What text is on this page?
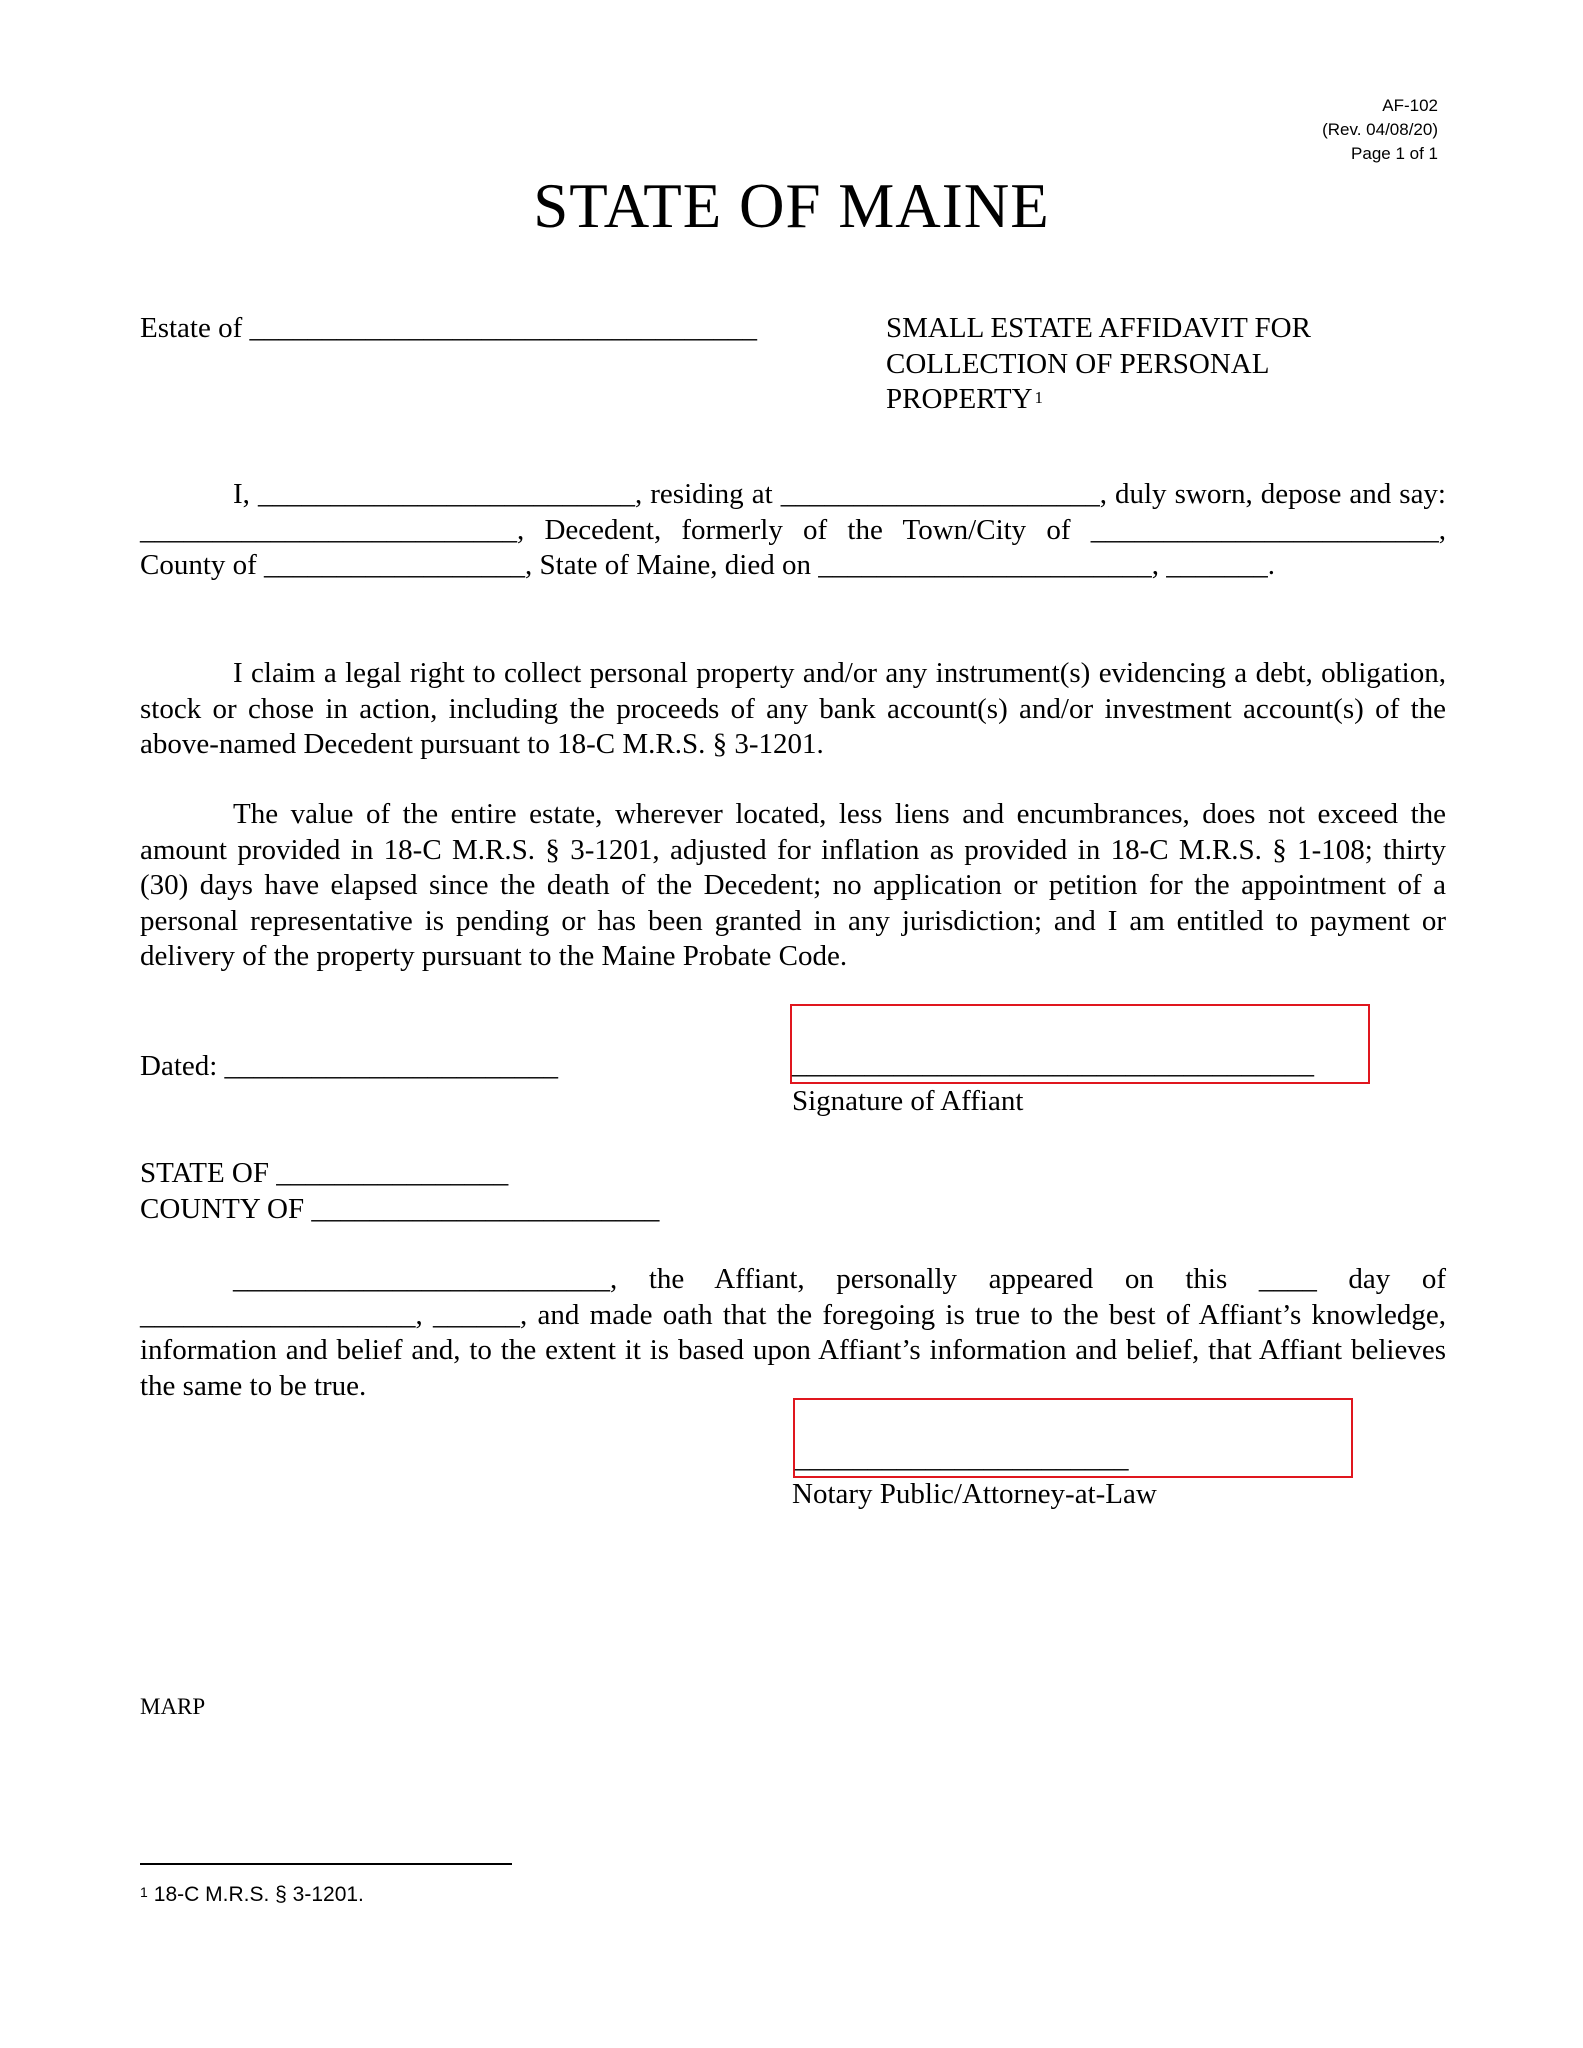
AF-102
(Rev. 04/08/20)
Page 1 of 1
STATE OF MAINE
Estate of ___________________________________	SMALL ESTATE AFFIDAVIT FOR
COLLECTION OF PERSONAL
PROPERTY $^1$

I, __________________________, residing at ______________________, duly sworn, depose and say: __________________________, Decedent, formerly of the Town/City of ________________________, County of __________________, State of Maine, died on _______________________, _______.

I claim a legal right to collect personal property and/or any instrument(s) evidencing a debt, obligation, stock or chose in action, including the proceeds of any bank account(s) and/or investment account(s) of the above-named Decedent pursuant to 18-C M.R.S. § 3-1201.

The value of the entire estate, wherever located, less liens and encumbrances, does not exceed the amount provided in 18-C M.R.S. § 3-1201, adjusted for inflation as provided in 18-C M.R.S. § 1-108; thirty (30) days have elapsed since the death of the Decedent; no application or petition for the appointment of a personal representative is pending or has been granted in any jurisdiction; and I am entitled to payment or delivery of the property pursuant to the Maine Probate Code.

Dated: _______________________	____________________________________
Signature of Affiant
STATE OF ________________
COUNTY OF ________________________

__________________________, the Affiant, personally appeared on this ____ day of ___________________, ______, and made oath that the foregoing is true to the best of Affiant’s knowledge, information and belief and, to the extent it is based upon Affiant’s information and belief, that Affiant believes the same to be true.

_______________________
Notary Public/Attorney-at-Law
MARP
$^1$ 18-C M.R.S. § 3-1201.
